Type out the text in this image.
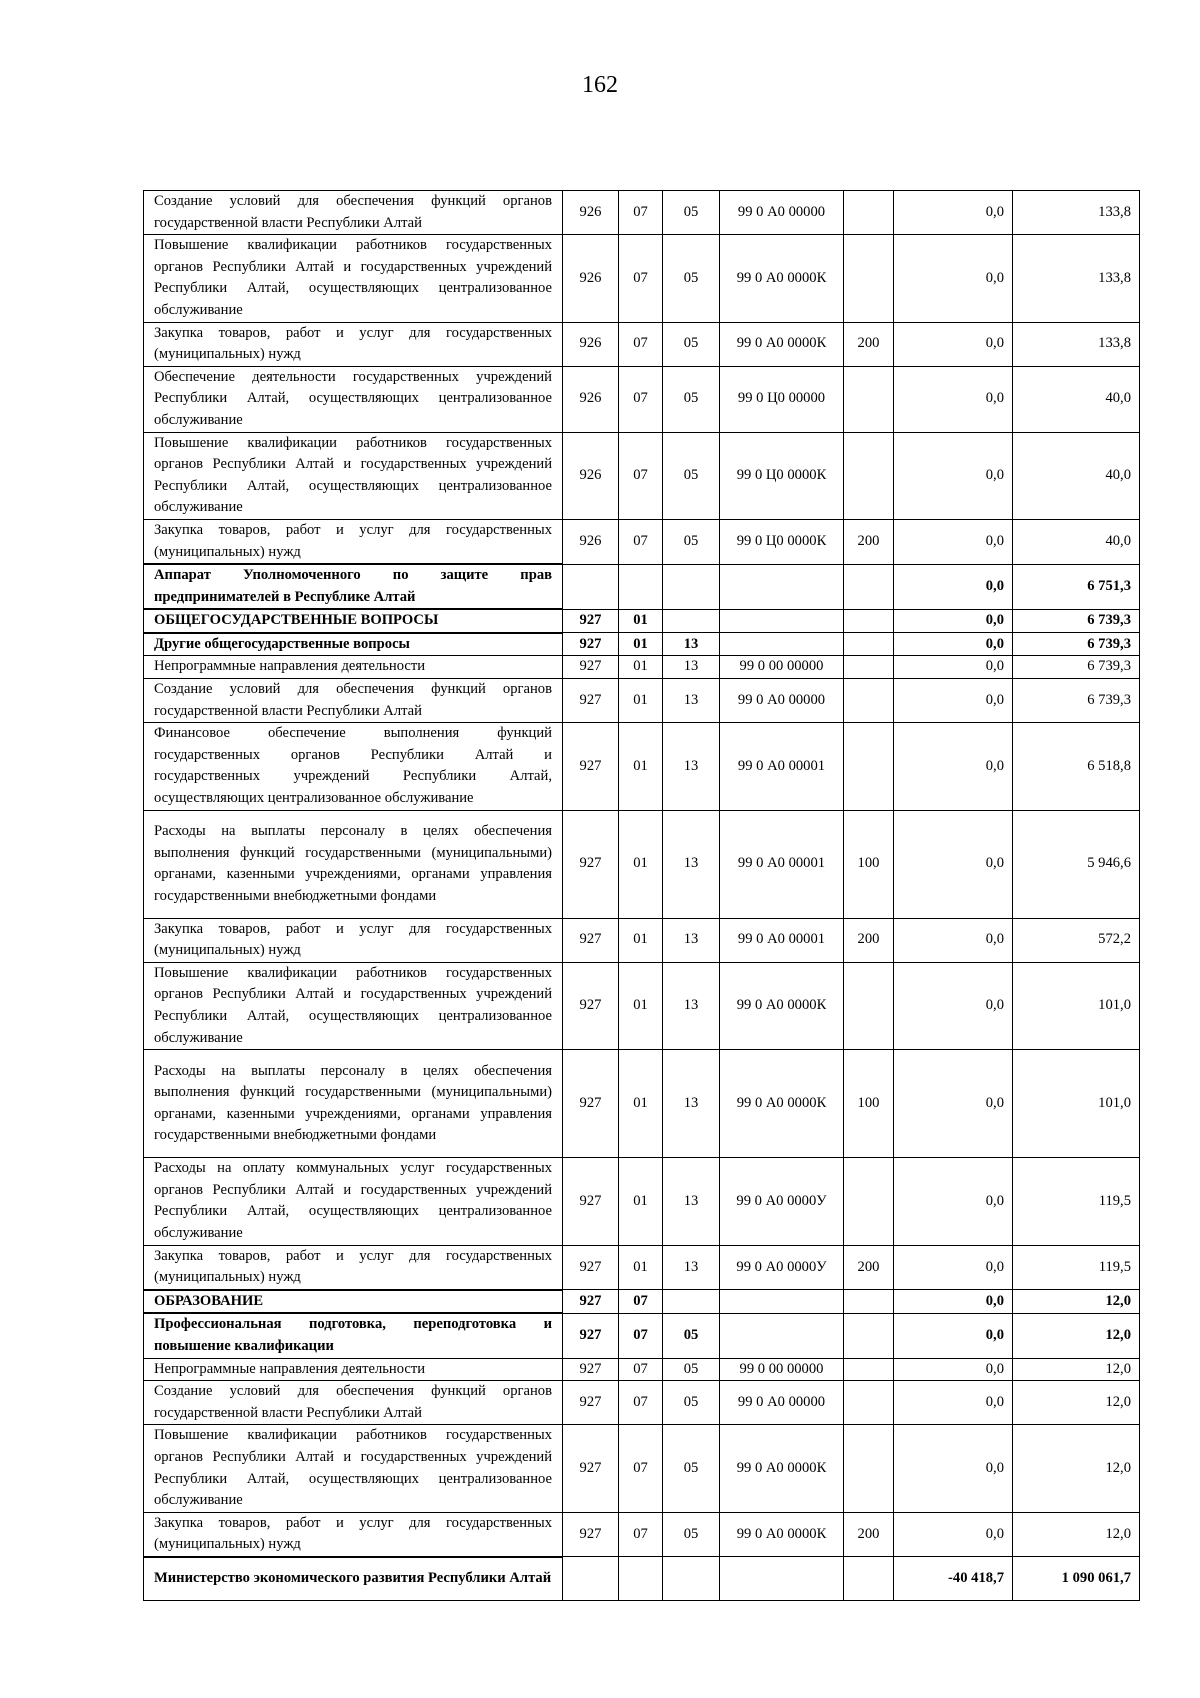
162
Создание условий для обеспечения функций органов государственной власти Республики Алтай	926	07	05	99 0 А0 00000		0,0	133,8
Повышение квалификации работников государственных органов Республики Алтай и государственных учреждений Республики Алтай, осуществляющих централизованное обслуживание	926	07	05	99 0 А0 0000К		0,0	133,8
Закупка товаров, работ и услуг для государственных (муниципальных) нужд	926	07	05	99 0 А0 0000К	200	0,0	133,8
Обеспечение деятельности государственных учреждений Республики Алтай, осуществляющих централизованное обслуживание	926	07	05	99 0 Ц0 00000		0,0	40,0
Повышение квалификации работников государственных органов Республики Алтай и государственных учреждений Республики Алтай, осуществляющих централизованное обслуживание	926	07	05	99 0 Ц0 0000К		0,0	40,0
Закупка товаров, работ и услуг для государственных (муниципальных) нужд	926	07	05	99 0 Ц0 0000К	200	0,0	40,0
Аппарат Уполномоченного по защите прав предпринимателей в Республике Алтай						0,0	6 751,3
ОБЩЕГОСУДАРСТВЕННЫЕ ВОПРОСЫ	927	01				0,0	6 739,3
Другие общегосударственные вопросы	927	01	13			0,0	6 739,3
Непрограммные направления деятельности	927	01	13	99 0 00 00000		0,0	6 739,3
Создание условий для обеспечения функций органов государственной власти Республики Алтай	927	01	13	99 0 А0 00000		0,0	6 739,3
Финансовое обеспечение выполнения функций государственных органов Республики Алтай и государственных учреждений Республики Алтай, осуществляющих централизованное обслуживание	927	01	13	99 0 А0 00001		0,0	6 518,8
Расходы на выплаты персоналу в целях обеспечения выполнения функций государственными (муниципальными) органами, казенными учреждениями, органами управления государственными внебюджетными фондами	927	01	13	99 0 А0 00001	100	0,0	5 946,6
Закупка товаров, работ и услуг для государственных (муниципальных) нужд	927	01	13	99 0 А0 00001	200	0,0	572,2
Повышение квалификации работников государственных органов Республики Алтай и государственных учреждений Республики Алтай, осуществляющих централизованное обслуживание	927	01	13	99 0 А0 0000К		0,0	101,0
Расходы на выплаты персоналу в целях обеспечения выполнения функций государственными (муниципальными) органами, казенными учреждениями, органами управления государственными внебюджетными фондами	927	01	13	99 0 А0 0000К	100	0,0	101,0
Расходы на оплату коммунальных услуг государственных органов Республики Алтай и государственных учреждений Республики Алтай, осуществляющих централизованное обслуживание	927	01	13	99 0 А0 0000У		0,0	119,5
Закупка товаров, работ и услуг для государственных (муниципальных) нужд	927	01	13	99 0 А0 0000У	200	0,0	119,5
ОБРАЗОВАНИЕ	927	07				0,0	12,0
Профессиональная подготовка, переподготовка и повышение квалификации	927	07	05			0,0	12,0
Непрограммные направления деятельности	927	07	05	99 0 00 00000		0,0	12,0
Создание условий для обеспечения функций органов государственной власти Республики Алтай	927	07	05	99 0 А0 00000		0,0	12,0
Повышение квалификации работников государственных органов Республики Алтай и государственных учреждений Республики Алтай, осуществляющих централизованное обслуживание	927	07	05	99 0 А0 0000К		0,0	12,0
Закупка товаров, работ и услуг для государственных (муниципальных) нужд	927	07	05	99 0 А0 0000К	200	0,0	12,0
Министерство экономического развития Республики Алтай						-40 418,7	1 090 061,7
